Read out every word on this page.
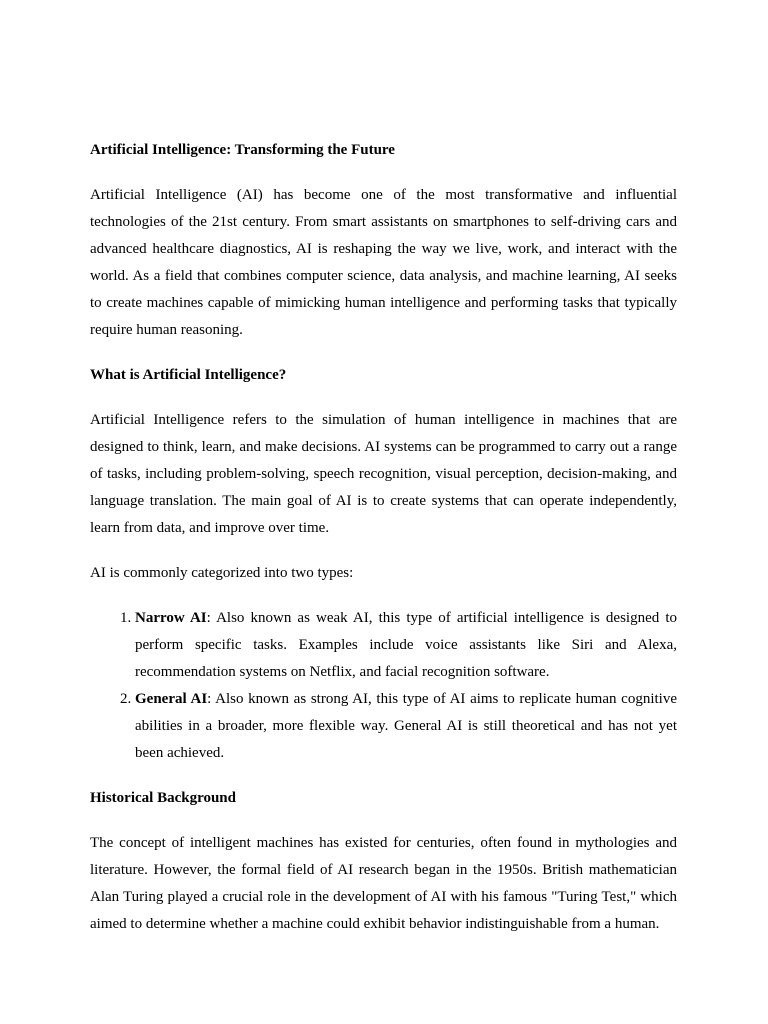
Artificial Intelligence: Transforming the Future
Artificial Intelligence (AI) has become one of the most transformative and influential technologies of the 21st century. From smart assistants on smartphones to self-driving cars and advanced healthcare diagnostics, AI is reshaping the way we live, work, and interact with the world. As a field that combines computer science, data analysis, and machine learning, AI seeks to create machines capable of mimicking human intelligence and performing tasks that typically require human reasoning.
What is Artificial Intelligence?
Artificial Intelligence refers to the simulation of human intelligence in machines that are designed to think, learn, and make decisions. AI systems can be programmed to carry out a range of tasks, including problem-solving, speech recognition, visual perception, decision-making, and language translation. The main goal of AI is to create systems that can operate independently, learn from data, and improve over time.
AI is commonly categorized into two types:
1. Narrow AI: Also known as weak AI, this type of artificial intelligence is designed to perform specific tasks. Examples include voice assistants like Siri and Alexa, recommendation systems on Netflix, and facial recognition software.
2. General AI: Also known as strong AI, this type of AI aims to replicate human cognitive abilities in a broader, more flexible way. General AI is still theoretical and has not yet been achieved.
Historical Background
The concept of intelligent machines has existed for centuries, often found in mythologies and literature. However, the formal field of AI research began in the 1950s. British mathematician Alan Turing played a crucial role in the development of AI with his famous "Turing Test," which aimed to determine whether a machine could exhibit behavior indistinguishable from a human.
